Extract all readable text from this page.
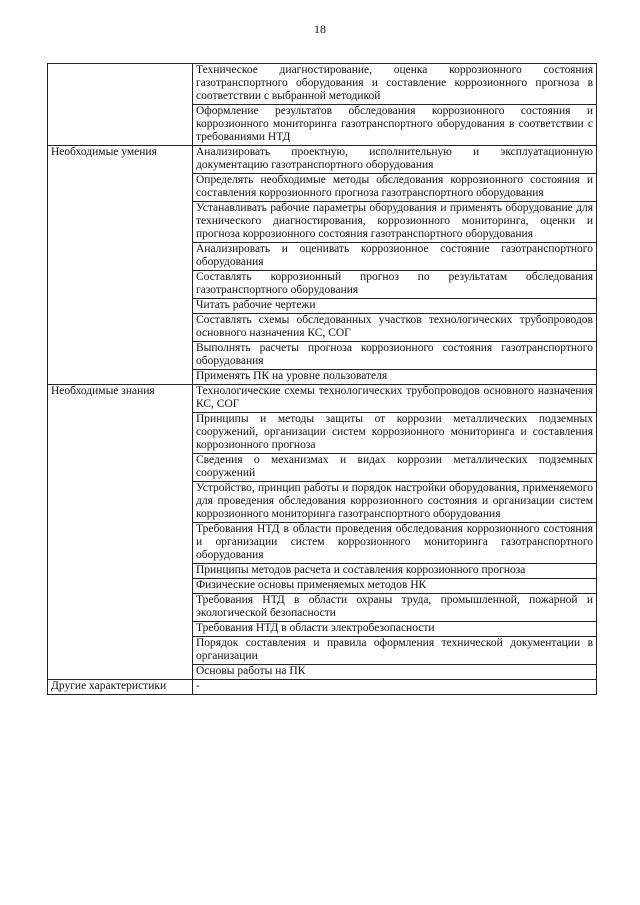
18
	Техническое диагностирование, оценка коррозионного состояния газотранспортного оборудования и составление коррозионного прогноза в соответствии с выбранной методикой
	Оформление результатов обследования коррозионного состояния и коррозионного мониторинга газотранспортного оборудования в соответствии с требованиями НТД
Необходимые умения	Анализировать проектную, исполнительную и эксплуатационную документацию газотранспортного оборудования
	Определять необходимые методы обследования коррозионного состояния и составления коррозионного прогноза газотранспортного оборудования
	Устанавливать рабочие параметры оборудования и применять оборудование для технического диагностирования, коррозионного мониторинга, оценки и прогноза коррозионного состояния газотранспортного оборудования
	Анализировать и оценивать коррозионное состояние газотранспортного оборудования
	Составлять коррозионный прогноз по результатам обследования газотранспортного оборудования
	Читать рабочие чертежи
	Составлять схемы обследованных участков технологических трубопроводов основного назначения КС, СОГ
	Выполнять расчеты прогноза коррозионного состояния газотранспортного оборудования
	Применять ПК на уровне пользователя
Необходимые знания	Технологические схемы технологических трубопроводов основного назначения КС, СОГ
	Принципы и методы защиты от коррозии металлических подземных сооружений, организации систем коррозионного мониторинга и составления коррозионного прогноза
	Сведения о механизмах и видах коррозии металлических подземных сооружений
	Устройство, принцип работы и порядок настройки оборудования, применяемого для проведения обследования коррозионного состояния и организации систем коррозионного мониторинга газотранспортного оборудования
	Требования НТД в области проведения обследования коррозионного состояния и организации систем коррозионного мониторинга газотранспортного оборудования
	Принципы методов расчета и составления коррозионного прогноза
	Физические основы применяемых методов НК
	Требования НТД в области охраны труда, промышленной, пожарной и экологической безопасности
	Требования НТД в области электробезопасности
	Порядок составления и правила оформления технической документации в организации
	Основы работы на ПК
Другие характеристики	-
